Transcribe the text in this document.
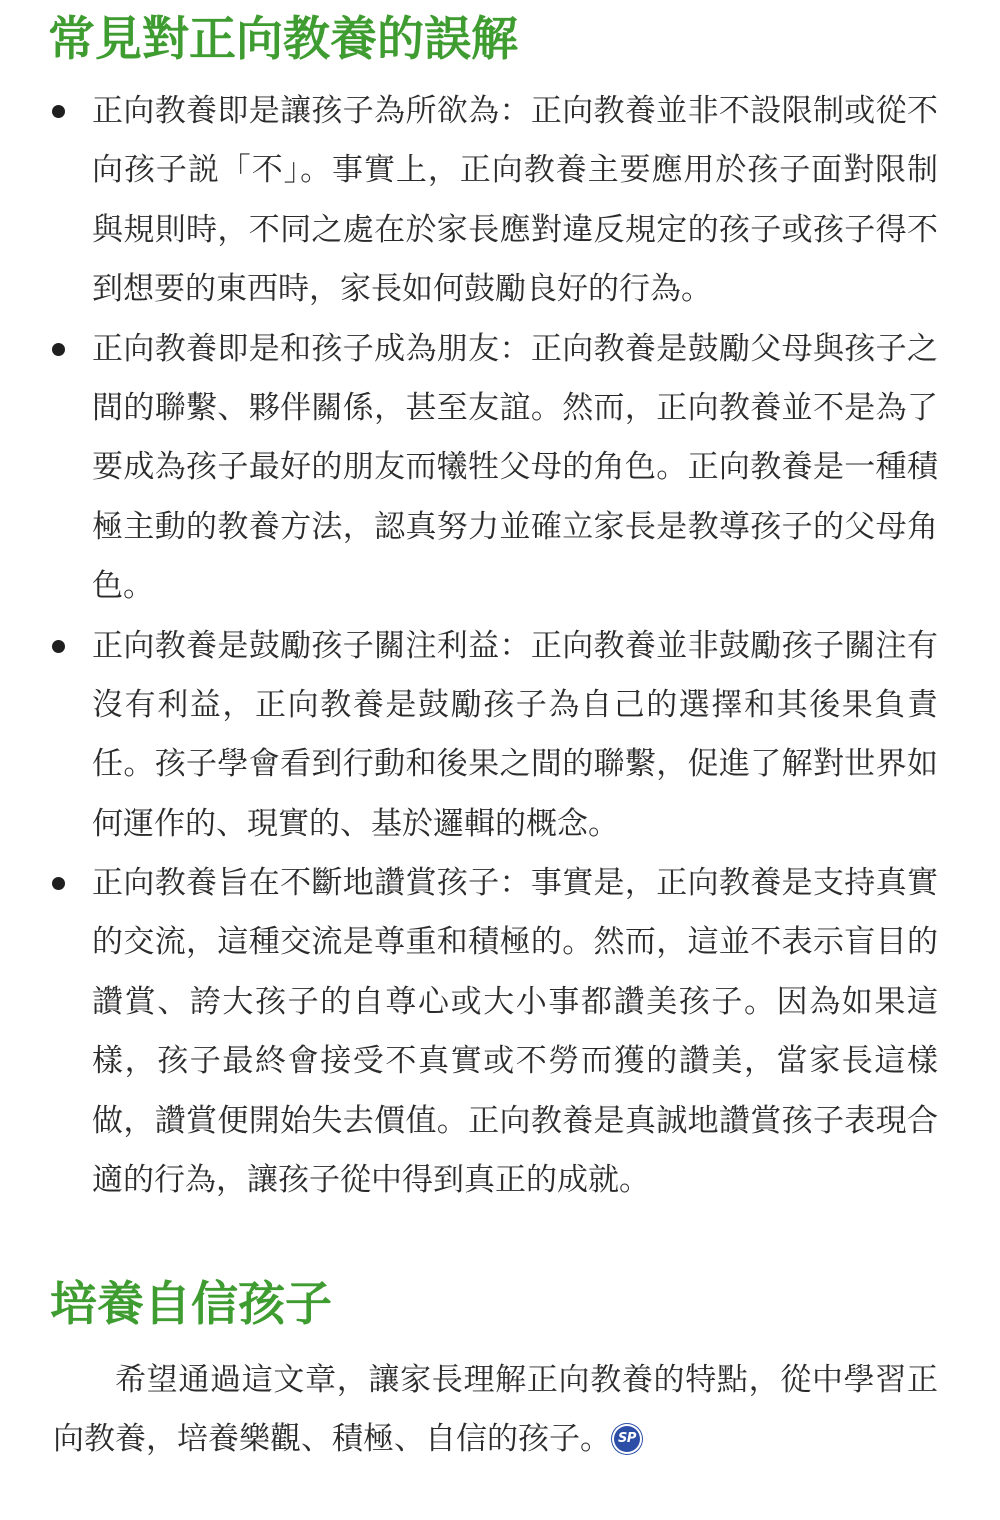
常見對正向教養的誤解
正向教養即是讓孩子為所欲為：正向教養並非不設限制或從不
向孩子説「不」。事實上，正向教養主要應用於孩子面對限制
與規則時，不同之處在於家長應對違反規定的孩子或孩子得不
到想要的東西時，家長如何鼓勵良好的行為。
正向教養即是和孩子成為朋友：正向教養是鼓勵父母與孩子之
間的聯繫、夥伴關係，甚至友誼。然而，正向教養並不是為了
要成為孩子最好的朋友而犧牲父母的角色。正向教養是一種積
極主動的教養方法，認真努力並確立家長是教導孩子的父母角
色。
正向教養是鼓勵孩子關注利益：正向教養並非鼓勵孩子關注有
沒有利益，正向教養是鼓勵孩子為自己的選擇和其後果負責
任。孩子學會看到行動和後果之間的聯繫，促進了解對世界如
何運作的、現實的、基於邏輯的概念。
正向教養旨在不斷地讚賞孩子：事實是，正向教養是支持真實
的交流，這種交流是尊重和積極的。然而，這並不表示盲目的
讚賞、誇大孩子的自尊心或大小事都讚美孩子。因為如果這
樣，孩子最終會接受不真實或不勞而獲的讚美，當家長這樣
做，讚賞便開始失去價值。正向教養是真誠地讚賞孩子表現合
適的行為，讓孩子從中得到真正的成就。
培養自信孩子
希望通過這文章，讓家長理解正向教養的特點，從中學習正
向教養，培養樂觀、積極、自信的孩子。 SP
